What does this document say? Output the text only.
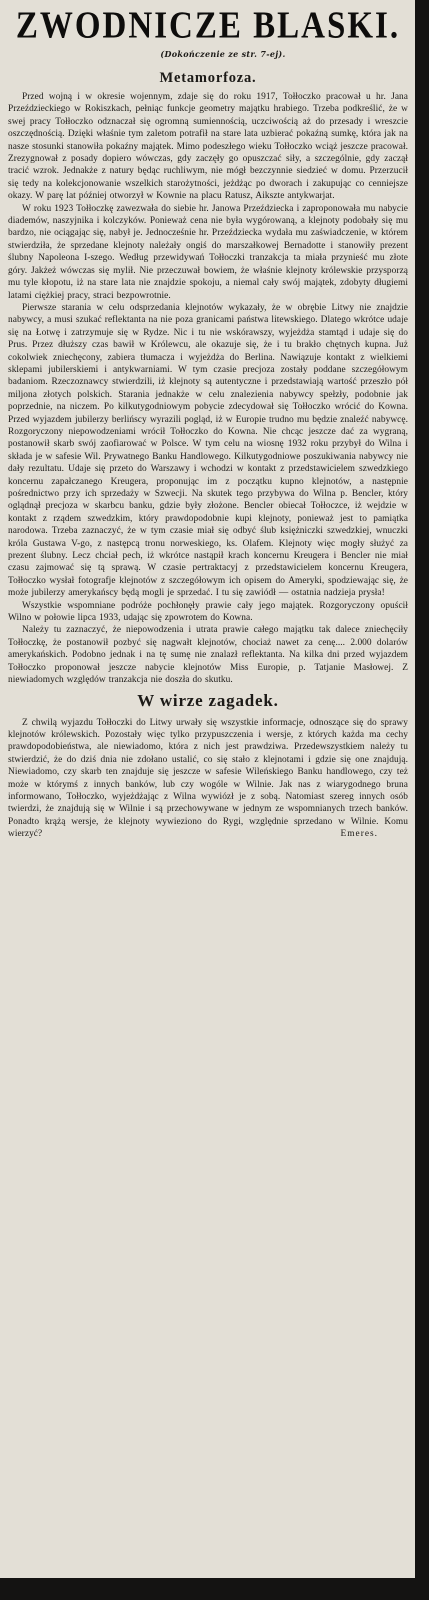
ZWODNICZE BLASKI.
(Dokończenie ze str. 7-ej).
Metamorfoza.

Przed wojną i w okresie wojennym, zdaje się do roku 1917, Tołłoczko pracował u hr. Jana Przeździeckiego w Rokiszkach, pełniąc funkcje geometry majątku hrabiego. Trzeba podkreślić, że w swej pracy Tołłoczko odznaczał się ogromną sumiennością, uczciwością aż do przesady i wreszcie oszczędnością. Dzięki właśnie tym zaletom potrafił na stare lata uzbierać pokaźną sumkę, która jak na nasze stosunki stanowiła pokaźny majątek. Mimo podeszłego wieku Tołłoczko wciąż jeszcze pracował. Zrezygnował z posady dopiero wówczas, gdy zaczęły go opuszczać siły, a szczególnie, gdy zaczął tracić wzrok. Jednakże z natury będąc ruchliwym, nie mógł bezczynnie siedzieć w domu. Przerzucił się tedy na kolekcjonowanie wszelkich starożytności, jeżdżąc po dworach i zakupując co cenniejsze okazy. W parę lat później otworzył w Kownie na placu Ratusz, Aikszte antykwarjat.

W roku 1923 Tołłoczkę zawezwała do siebie hr. Janowa Przeździecka i zaproponowała mu nabycie diademów, naszyjnika i kolczyków. Ponieważ cena nie była wygórowaną, a klejnoty podobały się mu bardzo, nie ociągając się, nabył je. Jednocześnie hr. Przeździecka wydała mu zaświadczenie, w którem stwierdziła, że sprzedane klejnoty należały ongiś do marszałkowej Bernadotte i stanowiły prezent ślubny Napoleona I-szego. Według przewidywań Tołłoczki tranzakcja ta miała przynieść mu złote góry. Jakżeż wówczas się mylił. Nie przeczuwał bowiem, że właśnie klejnoty królewskie przysporzą mu tyle kłopotu, iż na stare lata nie znajdzie spokoju, a niemal cały swój majątek, zdobyty długiemi latami ciężkiej pracy, straci bezpowrotnie.

Pierwsze starania w celu odsprzedania klejnotów wykazały, że w obrębie Litwy nie znajdzie nabywcy, a musi szukać reflektanta na nie poza granicami państwa litewskiego. Dlatego wkrótce udaje się na Łotwę i zatrzymuje się w Rydze. Nic i tu nie wskórawszy, wyjeżdża stamtąd i udaje się do Prus. Przez dłuższy czas bawił w Królewcu, ale okazuje się, że i tu brakło chętnych kupna. Już cokolwiek zniechęcony, zabiera tłumacza i wyjeżdża do Berlina. Nawiązuje kontakt z wielkiemi sklepami jubilerskiemi i antykwarniami. W tym czasie precjoza zostały poddane szczegółowym badaniom. Rzeczoznawcy stwierdzili, iż klejnoty są autentyczne i przedstawiają wartość przeszło pół miljona złotych polskich. Starania jednakże w celu znalezienia nabywcy spełzły, podobnie jak poprzednie, na niczem. Po kilkutygodniowym pobycie zdecydował się Tołłoczko wrócić do Kowna. Przed wyjazdem jubilerzy berlińscy wyrazili pogląd, iż w Europie trudno mu będzie znaleźć nabywcę. Rozgoryczony niepowodzeniami wrócił Tołłoczko do Kowna. Nie chcąc jeszcze dać za wygraną, postanowił skarb swój zaofiarować w Polsce. W tym celu na wiosnę 1932 roku przybył do Wilna i składa je w safesie Wil. Prywatnego Banku Handlowego. Kilkutygodniowe poszukiwania nabywcy nie dały rezultatu. Udaje się przeto do Warszawy i wchodzi w kontakt z przedstawicielem szwedzkiego koncernu zapałczanego Kreugera, proponując im z początku kupno klejnotów, a następnie pośrednictwo przy ich sprzedaży w Szwecji. Na skutek tego przybywa do Wilna p. Bencler, który oglądnął precjoza w skarbcu banku, gdzie były złożone. Bencler obiecał Tołłoczce, iż wejdzie w kontakt z rządem szwedzkim, który prawdopodobnie kupi klejnoty, ponieważ jest to pamiątka narodowa. Trzeba zaznaczyć, że w tym czasie miał się odbyć ślub księżniczki szwedzkiej, wnuczki króla Gustawa V-go, z następcą tronu norweskiego, ks. Olafem. Klejnoty więc mogły służyć za prezent ślubny. Lecz chciał pech, iż wkrótce nastąpił krach koncernu Kreugera i Bencler nie miał czasu zajmować się tą sprawą. W czasie pertraktacyj z przedstawicielem koncernu Kreugera, Tołłoczko wysłał fotografje klejnotów z szczegółowym ich opisem do Ameryki, spodziewając się, że może jubilerzy amerykańscy będą mogli je sprzedać. I tu się zawiódł — ostatnia nadzieja prysła!

Wszystkie wspomniane podróże pochłonęły prawie cały jego majątek. Rozgoryczony opuścił Wilno w połowie lipca 1933, udając się zpowrotem do Kowna.

Należy tu zaznaczyć, że niepowodzenia i utrata prawie całego majątku tak dalece zniechęciły Tołłoczkę, że postanowił pozbyć się nagwałt klejnotów, chociaż nawet za cenę.... 2.000 dolarów amerykańskich. Podobno jednak i na tę sumę nie znalazł reflektanta. Na kilka dni przed wyjazdem Tołłoczko proponował jeszcze nabycie klejnotów Miss Europie, p. Tatjanie Masłowej. Z niewiadomych względów tranzakcja nie doszła do skutku.

W wirze zagadek.

Z chwilą wyjazdu Tołłoczki do Litwy urwały się wszystkie informacje, odnoszące się do sprawy klejnotów królewskich. Pozostały więc tylko przypuszczenia i wersje, z których każda ma cechy prawdopodobieństwa, ale niewiadomo, która z nich jest prawdziwa. Przedewszystkiem należy tu stwierdzić, że do dziś dnia nie zdołano ustalić, co się stało z klejnotami i gdzie się one znajdują. Niewiadomo, czy skarb ten znajduje się jeszcze w safesie Wileńskiego Banku handlowego, czy też może w którymś z innych banków, lub czy wogóle w Wilnie. Jak nas z wiarygodnego bruna informowano, Tołłoczko, wyjeżdżając z Wilna wywiózł je z sobą. Natomiast szereg innych osób twierdzi, że znajdują się w Wilnie i są przechowywane w jednym ze wspomnianych trzech banków. Ponadto krążą wersje, że klejnoty wywieziono do Rygi, względnie sprzedano w Wilnie. Komu wierzyć?	Emeres.
